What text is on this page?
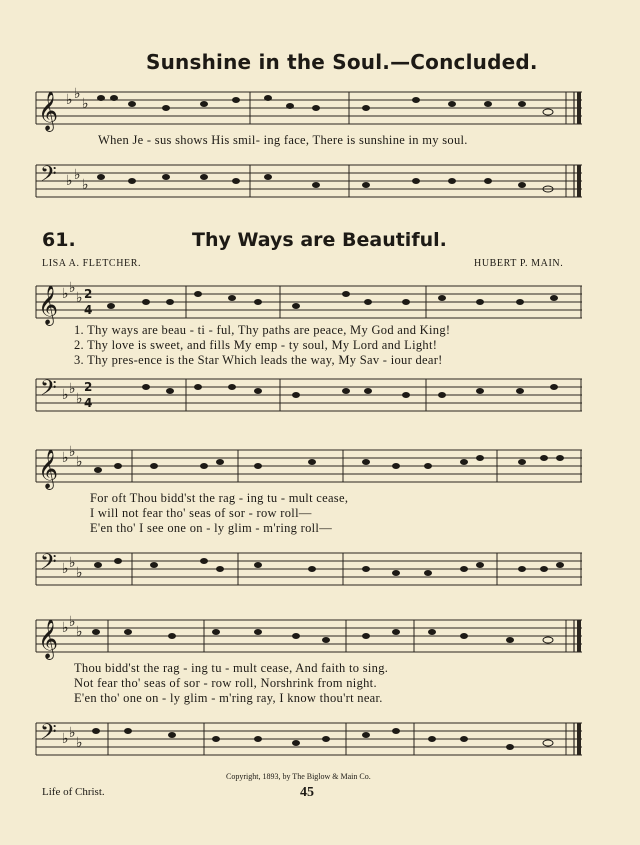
Sunshine in the Soul.—Concluded.
𝄞 ♭ ♭
♭
When Je - sus shows His smil- ing face, There is sunshine in my soul.
𝄢 ♭ ♭
♭
61.	Thy Ways are Beautiful.
LISA A. FLETCHER.	HUBERT P. MAIN.
𝄞 ♭ ♭
♭ 2
4
1. Thy ways are beau - ti - ful, Thy paths are peace, My God and King!
2. Thy love is sweet, and fills My emp - ty soul, My Lord and Light!
3. Thy pres-ence is the Star Which leads the way, My Sav - iour dear!
𝄢 ♭ ♭
♭
2
4
𝄞 ♭ ♭
♭
For oft Thou bidd'st the rag - ing tu - mult cease,
I will not fear tho' seas of sor - row roll—
E'en tho' I see one on - ly glim - m'ring roll—
𝄢 ♭ ♭
♭
𝄞 ♭ ♭
♭
Thou bidd'st the rag - ing tu - mult cease, And faith to sing.
Not fear tho' seas of sor - row roll, Norshrink from night.
E'en tho' one on - ly glim - m'ring ray, I know thou'rt near.
𝄢 ♭ ♭
♭
Copyright, 1893, by The Biglow & Main Co.
Life of Christ.	45
